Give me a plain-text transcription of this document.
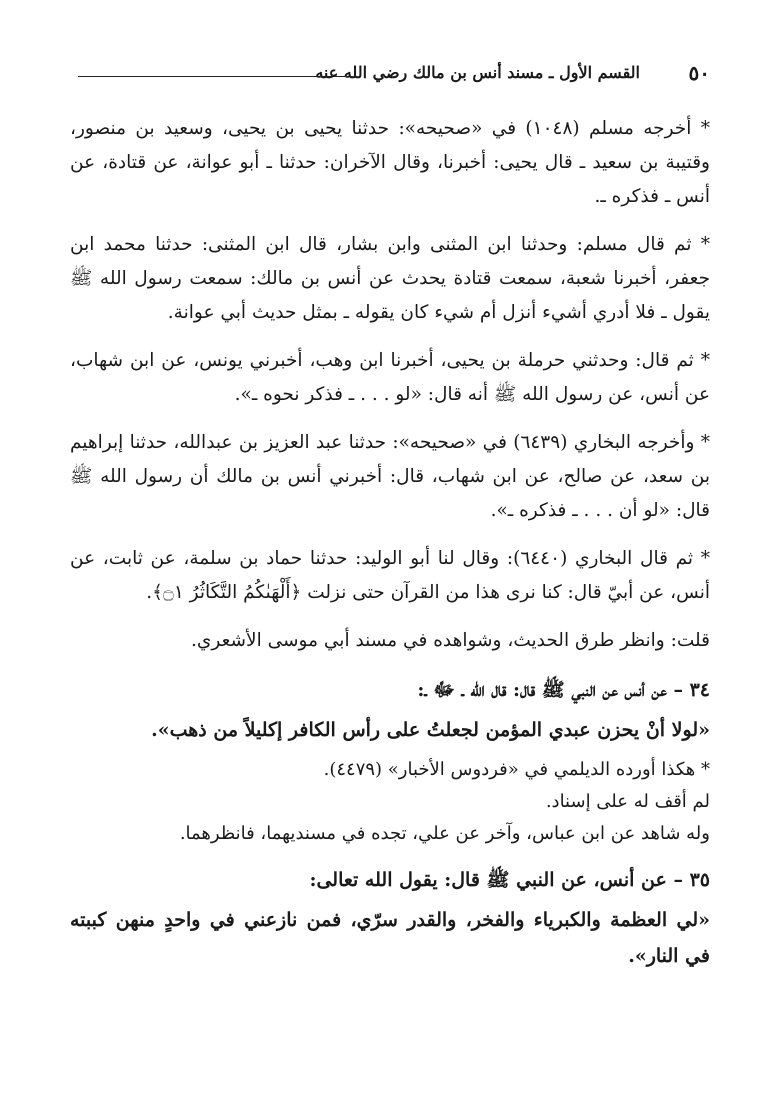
٥٠
القسم الأول ـ مسند أنس بن مالك رضي الله عنه

* أخرجه مسلم (١٠٤٨) في «صحيحه»: حدثنا يحيى بن يحيى، وسعيد بن منصور، وقتيبة بن سعيد ـ قال يحيى: أخبرنا، وقال الآخران: حدثنا ـ أبو عوانة، عن قتادة، عن أنس ـ فذكره ـ.

* ثم قال مسلم: وحدثنا ابن المثنى وابن بشار، قال ابن المثنى: حدثنا محمد ابن جعفر، أخبرنا شعبة، سمعت قتادة يحدث عن أنس بن مالك: سمعت رسول الله ﷺ يقول ـ فلا أدري أشيء أنزل أم شيء كان يقوله ـ بمثل حديث أبي عوانة.

* ثم قال: وحدثني حرملة بن يحيى، أخبرنا ابن وهب، أخبرني يونس، عن ابن شهاب، عن أنس، عن رسول الله ﷺ أنه قال: «لو . . . ـ فذكر نحوه ـ».

* وأخرجه البخاري (٦٤٣٩) في «صحيحه»: حدثنا عبد العزيز بن عبدالله، حدثنا إبراهيم بن سعد، عن صالح، عن ابن شهاب، قال: أخبرني أنس بن مالك أن رسول الله ﷺ قال: «لو أن . . . ـ فذكره ـ».

* ثم قال البخاري (٦٤٤٠): وقال لنا أبو الوليد: حدثنا حماد بن سلمة، عن ثابت، عن أنس، عن أبيّ قال: كنا نرى هذا من القرآن حتى نزلت ﴿أَلْهَىٰكُمُ التَّكَاثُرُ ۝١﴾.

قلت: وانظر طرق الحديث، وشواهده في مسند أبي موسى الأشعري.

٣٤ – عن أنس عن النبي ﷺ قال: قال الله ـ ﷻ ـ:
«لولا أنْ يحزن عبدي المؤمن لجعلتُ على رأس الكافر إكليلاً من ذهب».

* هكذا أورده الديلمي في «فردوس الأخبار» (٤٤٧٩).

لم أقف له على إسناد.

وله شاهد عن ابن عباس، وآخر عن علي، تجده في مسنديهما، فانظرهما.

٣٥ – عن أنس، عن النبي ﷺ قال: يقول الله تعالى:
«لي العظمة والكبرياء والفخر، والقدر سرّي، فمن نازعني في واحدٍ منهن كببته في النار».
